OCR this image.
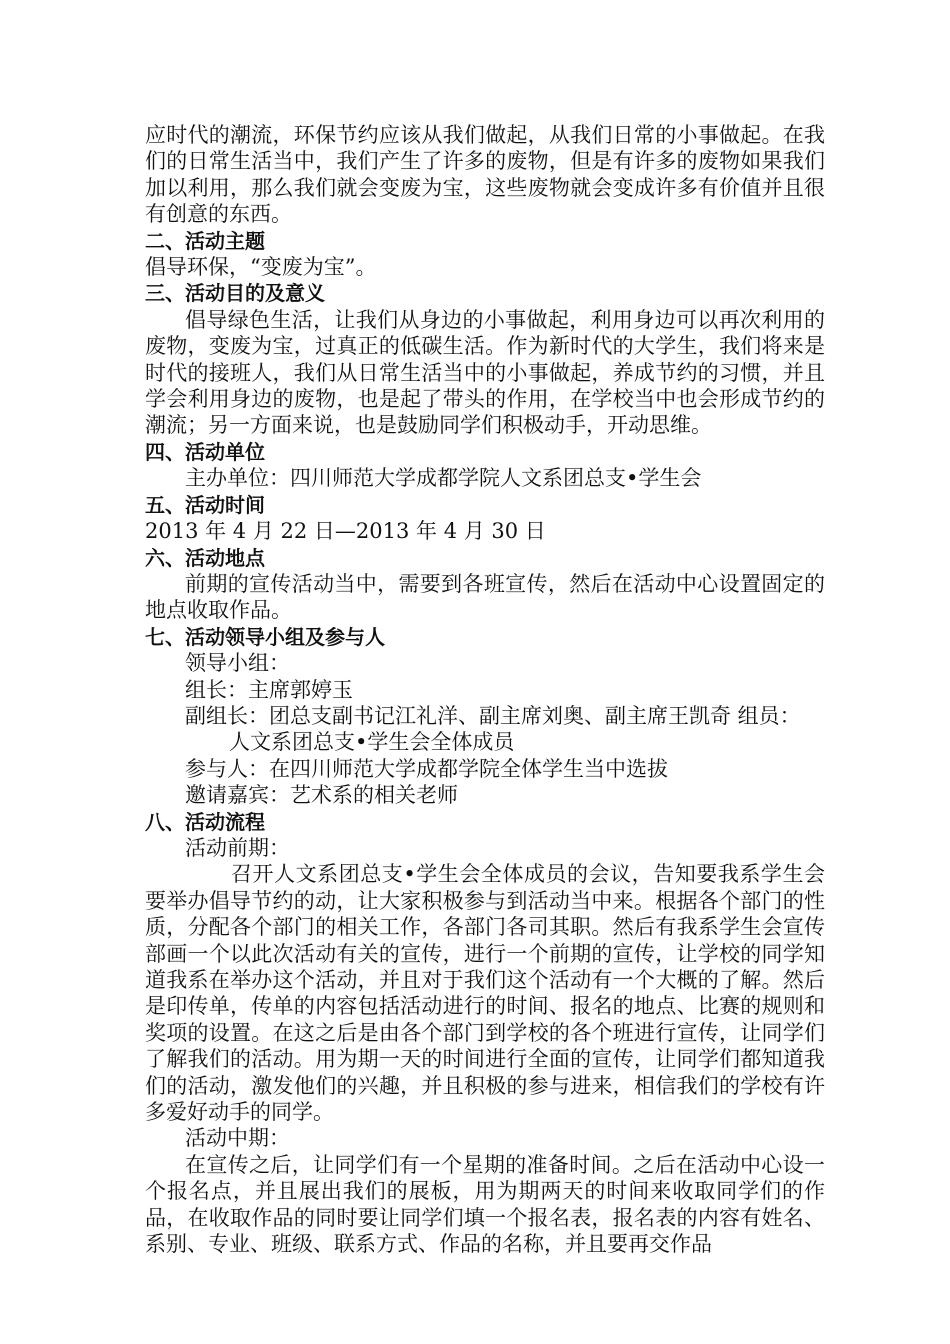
应时代的潮流，环保节约应该从我们做起，从我们日常的小事做起。在我们的日常生活当中，我们产生了许多的废物，但是有许多的废物如果我们加以利用，那么我们就会变废为宝，这些废物就会变成许多有价值并且很有创意的东西。

二、活动主题

倡导环保，“变废为宝”。

三、活动目的及意义

倡导绿色生活，让我们从身边的小事做起，利用身边可以再次利用的废物，变废为宝，过真正的低碳生活。作为新时代的大学生，我们将来是时代的接班人，我们从日常生活当中的小事做起，养成节约的习惯，并且学会利用身边的废物，也是起了带头的作用，在学校当中也会形成节约的潮流；另一方面来说，也是鼓励同学们积极动手，开动思维。

四、活动单位

主办单位：四川师范大学成都学院人文系团总支•学生会

五、活动时间

2013 年 4 月 22 日—2013 年 4 月 30 日

六、活动地点

前期的宣传活动当中，需要到各班宣传，然后在活动中心设置固定的地点收取作品。

七、活动领导小组及参与人

领导小组：

组长：主席郭婷玉

副组长：团总支副书记江礼洋、副主席刘奥、副主席王凯奇 组员：

人文系团总支•学生会全体成员

参与人：在四川师范大学成都学院全体学生当中选拔

邀请嘉宾：艺术系的相关老师

八、活动流程

活动前期：

召开人文系团总支•学生会全体成员的会议，告知要我系学生会要举办倡导节约的动，让大家积极参与到活动当中来。根据各个部门的性质，分配各个部门的相关工作，各部门各司其职。然后有我系学生会宣传部画一个以此次活动有关的宣传，进行一个前期的宣传，让学校的同学知道我系在举办这个活动，并且对于我们这个活动有一个大概的了解。然后是印传单，传单的内容包括活动进行的时间、报名的地点、比赛的规则和奖项的设置。在这之后是由各个部门到学校的各个班进行宣传，让同学们了解我们的活动。用为期一天的时间进行全面的宣传，让同学们都知道我们的活动，激发他们的兴趣，并且积极的参与进来，相信我们的学校有许多爱好动手的同学。

活动中期：

在宣传之后，让同学们有一个星期的准备时间。之后在活动中心设一个报名点，并且展出我们的展板，用为期两天的时间来收取同学们的作品，在收取作品的同时要让同学们填一个报名表，报名表的内容有姓名、系别、专业、班级、联系方式、作品的名称，并且要再交作品
